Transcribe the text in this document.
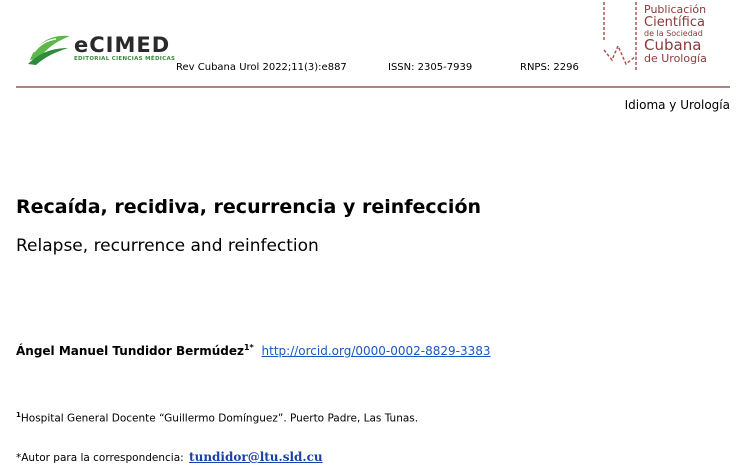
eCIMED
EDITORIAL CIENCIAS MÉDICAS
Rev Cubana Urol 2022;11(3):e887	ISSN: 2305-7939	RNPS: 2296
Publicación
Científica
de la Sociedad
Cubana
de Urología
Idioma y Urología
Recaída, recidiva, recurrencia y reinfección
Relapse, recurrence and reinfection
Ángel Manuel Tundidor Bermúdez$^{1*}$ http://orcid.org/0000-0002-8829-3383
$^1$Hospital General Docente “Guillermo Domínguez”. Puerto Padre, Las Tunas.
*Autor para la correspondencia: tundidor@ltu.sld.cu
